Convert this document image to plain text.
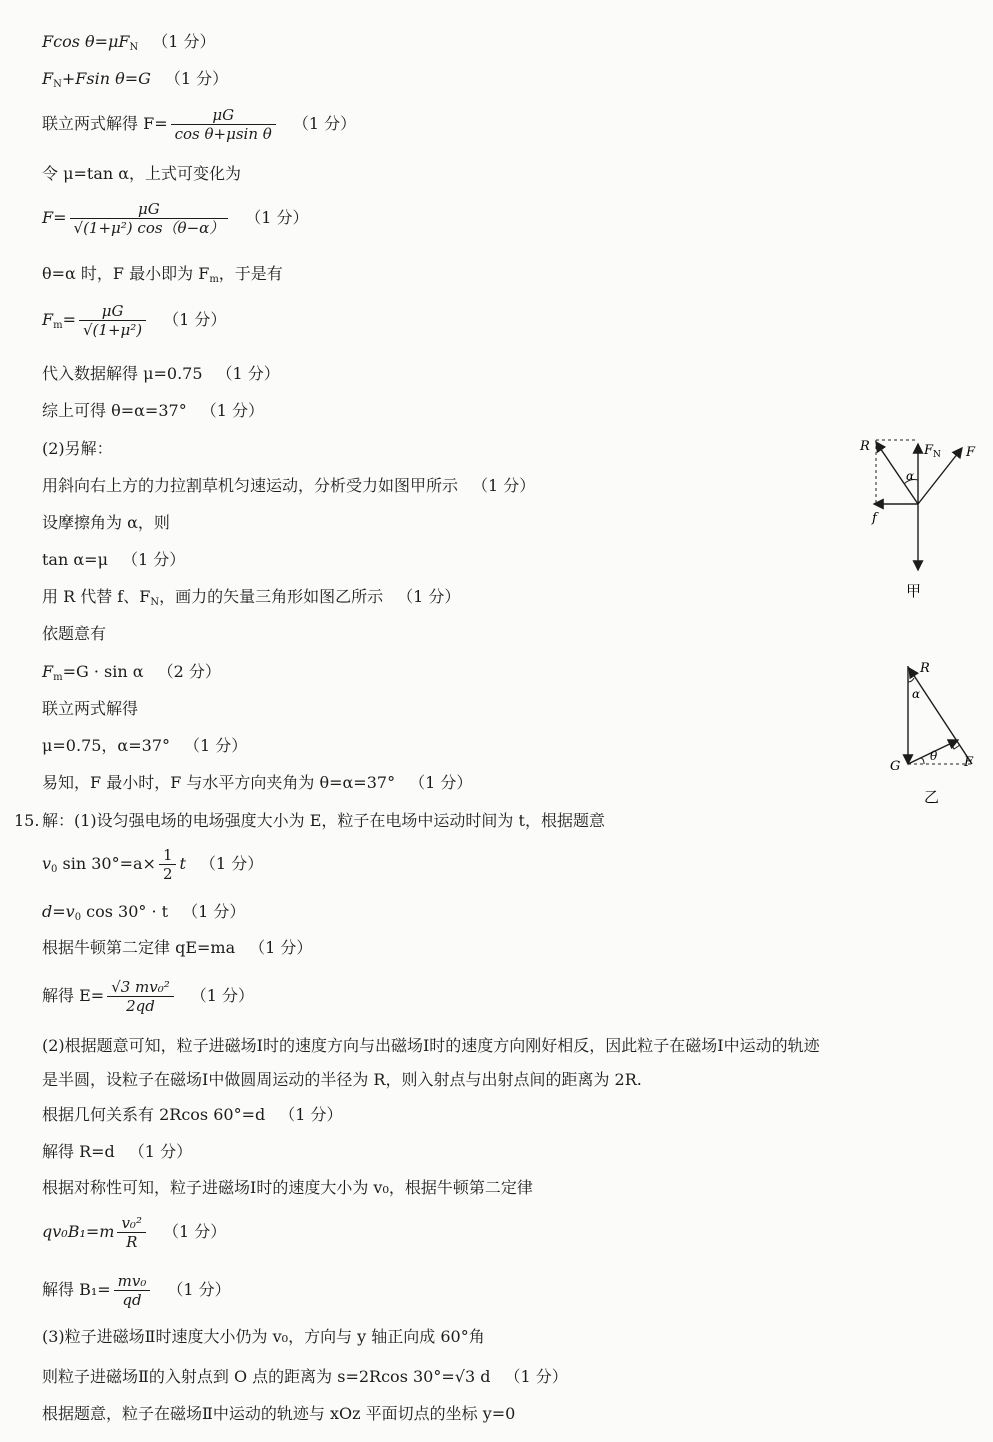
Fcos $\theta=\mu F_N$ （1 分）
$F_N+Fsin$ θ=G （1 分）
联立两式解得 $F= \frac{\mu G}{\text{cos θ+μsin θ}} (1$ 分）
令 μ=tan α，上式可变化为
$F= \frac{\mu G}{\text{√(1+μ²) cos（θ−α）}} (1$ 分）
θ=α 时，F 最小即为 $F_m$，于是有
$F_m= \frac{\mu G}{\text{√(1+μ²)}} (1$ 分）
代入数据解得 μ=0.75 （1 分）
综上可得 θ=α=37° （1 分）
(2)另解：
用斜向右上方的力拉割草机匀速运动，分析受力如图甲所示 （1 分）
设摩擦角为 α，则
tan α=μ （1 分）
用 R 代替 f、$F_N$，画力的矢量三角形如图乙所示 （1 分）
依题意有
$F_m=G \cdot \sin \alpha$ （2 分）
联立两式解得
μ=0.75，α=37° （1 分）
易知，F 最小时，F 与水平方向夹角为 θ=α=37° （1 分）
15. 解：(1)设匀强电场的电场强度大小为 E，粒子在电场中运动时间为 t，根据题意
$v_0$ $\sin 30^\circ=a\times \frac{1}{2}$ t （1 分）
$d=v_0$ cos 30° · t （1 分）
根据牛顿第二定律 qE=ma （1 分）
解得 $E= \frac{\text{√3 mv₀²}}{2qd} (1$ 分）
(2)根据题意可知，粒子进磁场Ⅰ时的速度方向与出磁场Ⅰ时的速度方向刚好相反，因此粒子在磁场Ⅰ中运动的轨迹
是半圆，设粒子在磁场Ⅰ中做圆周运动的半径为 R，则入射点与出射点间的距离为 2R.
根据几何关系有 2Rcos 60°=d （1 分）
解得 R=d （1 分）
根据对称性可知，粒子进磁场Ⅰ时的速度大小为 v₀，根据牛顿第二定律
$qv_0B_1=m \frac{\text{v₀²}}{R} (1$ 分）
解得 $B_1= \frac{\text{mv₀}}{qd} (1$ 分）
(3)粒子进磁场Ⅱ时速度大小仍为 v₀，方向与 y 轴正向成 60°角
则粒子进磁场Ⅱ的入射点到 O 点的距离为 s=2Rcos 30°=√3 d （1 分）
根据题意，粒子在磁场Ⅱ中运动的轨迹与 xOz 平面切点的坐标 y=0
R	$F_N$ F
α
f
甲
R
α
G
θ F
乙
